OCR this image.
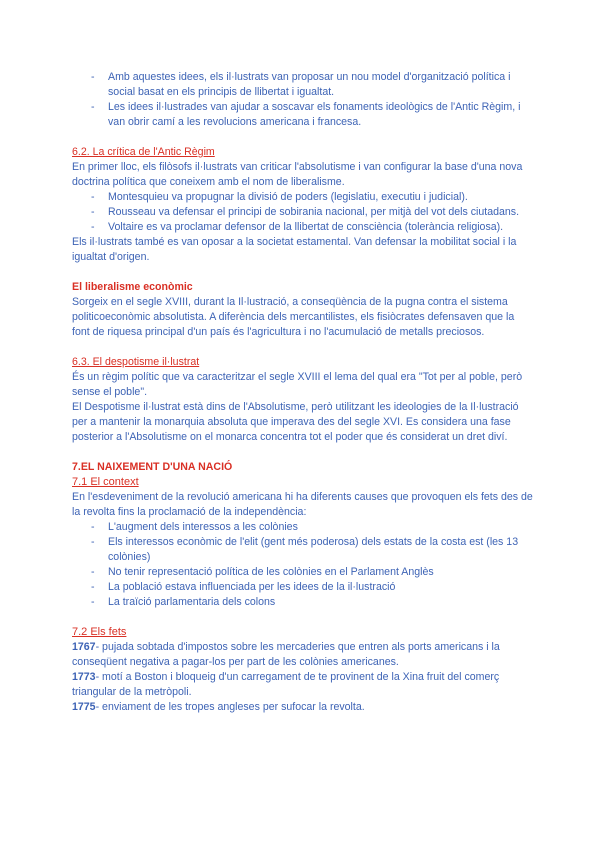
- Amb aquestes idees, els il·lustrats van proposar un nou model d'organització política i social basat en els principis de llibertat i igualtat.
- Les idees il·lustrades van ajudar a soscavar els fonaments ideològics de l'Antic Règim, i van obrir camí a les revolucions americana i francesa.
6.2. La crítica de l'Antic Règim

En primer lloc, els filòsofs il·lustrats van criticar l'absolutisme i van configurar la base d'una nova doctrina política que coneixem amb el nom de liberalisme.

- Montesquieu va propugnar la divisió de poders (legislatiu, executiu i judicial).
- Rousseau va defensar el principi de sobirania nacional, per mitjà del vot dels ciutadans.
- Voltaire es va proclamar defensor de la llibertat de consciència (tolerància religiosa).

Els il·lustrats també es van oposar a la societat estamental. Van defensar la mobilitat social i la igualtat d'origen.

El liberalisme econòmic

Sorgeix en el segle XVIII, durant la Il·lustració, a conseqüència de la pugna contra el sistema politicoeconòmic absolutista. A diferència dels mercantilistes, els fisiòcrates defensaven que la font de riquesa principal d'un país és l'agricultura i no l'acumulació de metalls preciosos.

6.3. El despotisme il·lustrat

És un règim polític que va caracteritzar el segle XVIII el lema del qual era "Tot per al poble, però sense el poble".

El Despotisme il·lustrat està dins de l'Absolutisme, però utilitzant les ideologies de la Il·lustració per a mantenir la monarquia absoluta que imperava des del segle XVI. Es considera una fase posterior a l'Absolutisme on el monarca concentra tot el poder que és considerat un dret diví.

7.EL NAIXEMENT D'UNA NACIÓ
7.1 El context

En l'esdeveniment de la revolució americana hi ha diferents causes que provoquen els fets des de la revolta fins la proclamació de la independència:

- L'augment dels interessos a les colònies
- Els interessos econòmic de l'elit (gent més poderosa) dels estats de la costa est (les 13 colònies)
- No tenir representació política de les colònies en el Parlament Anglès
- La població estava influenciada per les idees de la il·lustració
- La traïció parlamentaria dels colons
7.2 Els fets

1767- pujada sobtada d'impostos sobre les mercaderies que entren als ports americans i la conseqüent negativa a pagar-los per part de les colònies americanes.

1773- motí a Boston i bloqueig d'un carregament de te provinent de la Xina fruit del comerç triangular de la metròpoli.

1775- enviament de les tropes angleses per sufocar la revolta.
